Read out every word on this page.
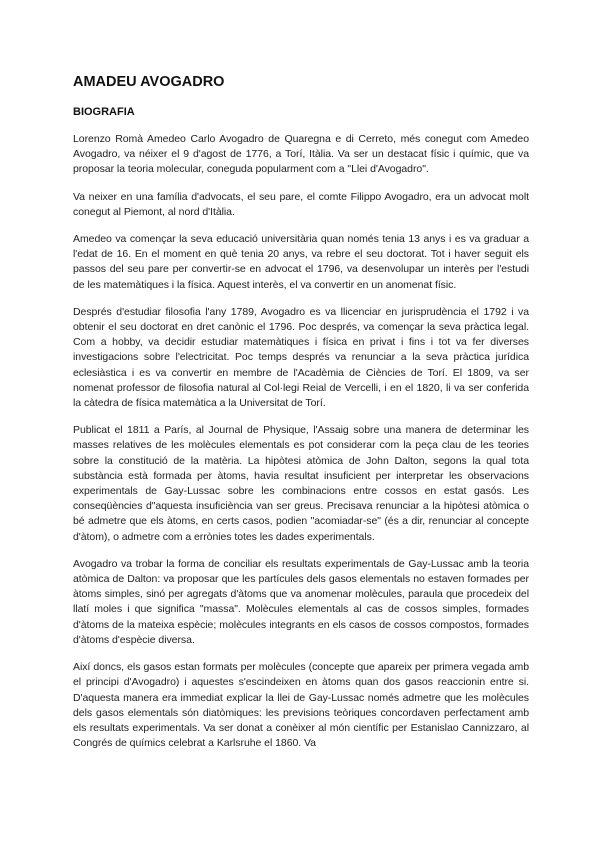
AMADEU AVOGADRO
BIOGRAFIA

Lorenzo Romà Amedeo Carlo Avogadro de Quaregna e di Cerreto, més conegut com Amedeo Avogadro, va néixer el 9 d'agost de 1776, a Torí, Itàlia. Va ser un destacat físic i químic, que va proposar la teoria molecular, coneguda popularment com a "Llei d'Avogadro".

Va neixer en una família d'advocats, el seu pare, el comte Filippo Avogadro, era un advocat molt conegut al Piemont, al nord d'Itàlia.

Amedeo va començar la seva educació universitària quan només tenia 13 anys i es va graduar a l'edat de 16. En el moment en què tenia 20 anys, va rebre el seu doctorat. Tot i haver seguit els passos del seu pare per convertir-se en advocat el 1796, va desenvolupar un interès per l'estudi de les matemàtiques i la física. Aquest interès, el va convertir en un anomenat físic.

Després d'estudiar filosofia l'any 1789, Avogadro es va llicenciar en jurisprudència el 1792 i va obtenir el seu doctorat en dret canònic el 1796. Poc després, va començar la seva pràctica legal. Com a hobby, va decidir estudiar matemàtiques i física en privat i fins i tot va fer diverses investigacions sobre l'electricitat. Poc temps després va renunciar a la seva pràctica jurídica eclesiàstica i es va convertir en membre de l'Acadèmia de Ciències de Torí. El 1809, va ser nomenat professor de filosofia natural al Col·legi Reial de Vercelli, i en el 1820, li va ser conferida la càtedra de física matemàtica a la Universitat de Torí.

Publicat el 1811 a París, al Journal de Physique, l'Assaig sobre una manera de determinar les masses relatives de les molècules elementals es pot considerar com la peça clau de les teories sobre la constitució de la matèria. La hipòtesi atòmica de John Dalton, segons la qual tota substància està formada per àtoms, havia resultat insuficient per interpretar les observacions experimentals de Gay-Lussac sobre les combinacions entre cossos en estat gasós. Les conseqüències d"aquesta insuficiència van ser greus. Precisava renunciar a la hipòtesi atòmica o bé admetre que els àtoms, en certs casos, podien "acomiadar-se" (és a dir, renunciar al concepte d'àtom), o admetre com a errònies totes les dades experimentals.

Avogadro va trobar la forma de conciliar els resultats experimentals de Gay-Lussac amb la teoria atòmica de Dalton: va proposar que les partícules dels gasos elementals no estaven formades per àtoms simples, sinó per agregats d'àtoms que va anomenar molècules, paraula que procedeix del llatí moles i que significa "massa". Molècules elementals al cas de cossos simples, formades d'àtoms de la mateixa espècie; molècules integrants en els casos de cossos compostos, formades d'àtoms d'espècie diversa.

Així doncs, els gasos estan formats per molècules (concepte que apareix per primera vegada amb el principi d'Avogadro) i aquestes s'escindeixen en àtoms quan dos gasos reaccionin entre si. D'aquesta manera era immediat explicar la llei de Gay-Lussac només admetre que les molècules dels gasos elementals són diatòmiques: les previsions teòriques concordaven perfectament amb els resultats experimentals. Va ser donat a conèixer al món científic per Estanislao Cannizzaro, al Congrés de químics celebrat a Karlsruhe el 1860. Va
